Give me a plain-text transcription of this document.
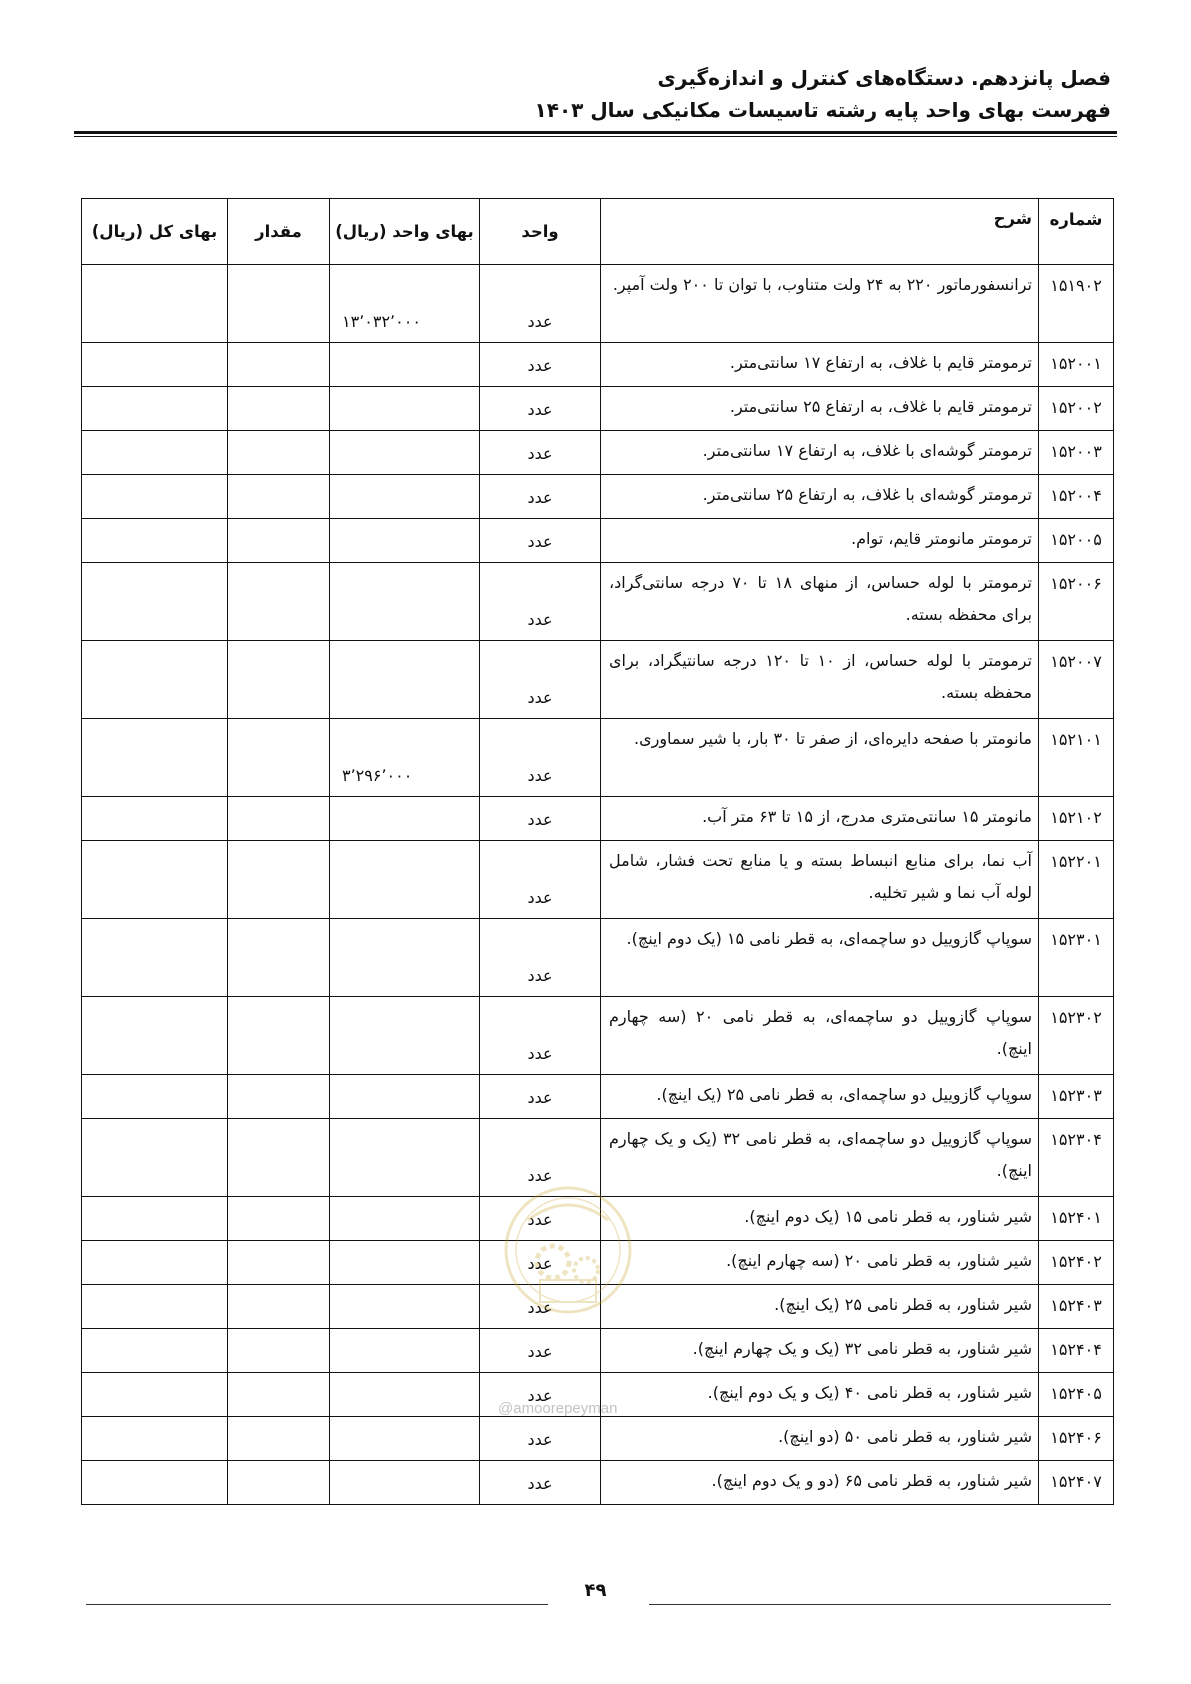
فصل پانزدهم. دستگاه‌های کنترل و اندازه‌گیری
فهرست بهای واحد پایه رشته تاسیسات مکانیکی سال ۱۴۰۳
شماره	شرح	واحد	بهای واحد (ریال)	مقدار	بهای کل (ریال)
۱۵۱۹۰۲	ترانسفورماتور ۲۲۰ به ۲۴ ولت متناوب، با توان تا ۲۰۰ ولت آمپر.	عدد	۱۳٬۰۳۲٬۰۰۰		
۱۵۲۰۰۱	ترمومتر قایم با غلاف، به ارتفاع ۱۷ سانتی‌متر.	عدد			
۱۵۲۰۰۲	ترمومتر قایم با غلاف، به ارتفاع ۲۵ سانتی‌متر.	عدد			
۱۵۲۰۰۳	ترمومتر گوشه‌ای با غلاف، به ارتفاع ۱۷ سانتی‌متر.	عدد			
۱۵۲۰۰۴	ترمومتر گوشه‌ای با غلاف، به ارتفاع ۲۵ سانتی‌متر.	عدد			
۱۵۲۰۰۵	ترمومتر مانومتر قایم، توام.	عدد			
۱۵۲۰۰۶	ترمومتر با لوله حساس، از منهای ۱۸ تا ۷۰ درجه سانتی‌گراد، برای محفظه بسته.	عدد			
۱۵۲۰۰۷	ترمومتر با لوله حساس، از ۱۰ تا ۱۲۰ درجه سانتیگراد، برای محفظه بسته.	عدد			
۱۵۲۱۰۱	مانومتر با صفحه دایره‌ای، از صفر تا ۳۰ بار، با شیر سماوری.	عدد	۳٬۲۹۶٬۰۰۰		
۱۵۲۱۰۲	مانومتر ۱۵ سانتی‌متری مدرج، از ۱۵ تا ۶۳ متر آب.	عدد			
۱۵۲۲۰۱	آب نما، برای منابع انبساط بسته و یا منابع تحت فشار، شامل لوله آب نما و شیر تخلیه.	عدد			
۱۵۲۳۰۱	سوپاپ گازوییل دو ساچمه‌ای، به قطر نامی ۱۵ (یک دوم اینچ).	عدد			
۱۵۲۳۰۲	سوپاپ گازوییل دو ساچمه‌ای، به قطر نامی ۲۰ (سه چهارم اینچ).	عدد			
۱۵۲۳۰۳	سوپاپ گازوییل دو ساچمه‌ای، به قطر نامی ۲۵ (یک اینچ).	عدد			
۱۵۲۳۰۴	سوپاپ گازوییل دو ساچمه‌ای، به قطر نامی ۳۲ (یک و یک چهارم اینچ).	عدد			
۱۵۲۴۰۱	شیر شناور، به قطر نامی ۱۵ (یک دوم اینچ).	عدد			
۱۵۲۴۰۲	شیر شناور، به قطر نامی ۲۰ (سه چهارم اینچ).	عدد			
۱۵۲۴۰۳	شیر شناور، به قطر نامی ۲۵ (یک اینچ).	عدد			
۱۵۲۴۰۴	شیر شناور، به قطر نامی ۳۲ (یک و یک چهارم اینچ).	عدد			
۱۵۲۴۰۵	شیر شناور، به قطر نامی ۴۰ (یک و یک دوم اینچ).	عدد			
۱۵۲۴۰۶	شیر شناور، به قطر نامی ۵۰ (دو اینچ).	عدد			
۱۵۲۴۰۷	شیر شناور، به قطر نامی ۶۵ (دو و یک دوم اینچ).	عدد			
@amoorepeyman
۴۹
